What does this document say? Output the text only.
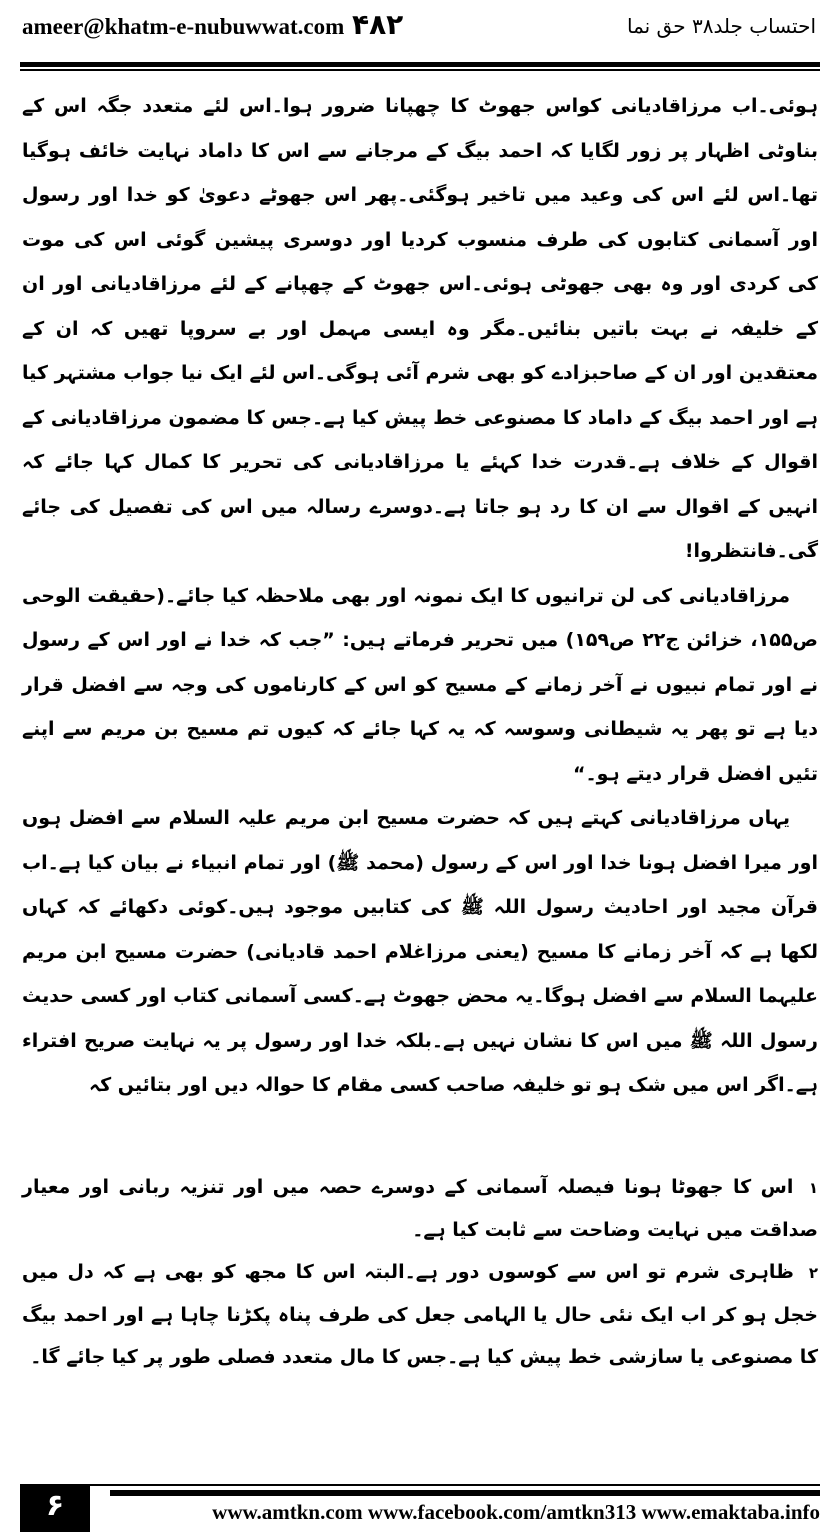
ameer@khatm-e-nubuwwat.com ۴۸۲	احتساب جلد۳۸ حق نما

ہوئی۔اب مرزاقادیانی کواس جھوٹ کا چھپانا ضرور ہوا۔اس لئے متعدد جگہ اس کے بناوٹی اظہار پر زور لگایا کہ احمد بیگ کے مرجانے سے اس کا داماد نہایت خائف ہوگیا تھا۔اس لئے اس کی وعید میں تاخیر ہوگئی۔پھر اس جھوٹے دعویٰ کو خدا اور رسول اور آسمانی کتابوں کی طرف منسوب کردیا اور دوسری پیشین گوئی اس کی موت کی کردی اور وہ بھی جھوٹی ہوئی۔اس جھوٹ کے چھپانے کے لئے مرزاقادیانی اور ان کے خلیفہ نے بہت باتیں بنائیں۔مگر وہ ایسی مہمل اور بے سروپا تھیں کہ ان کے معتقدین اور ان کے صاحبزادے کو بھی شرم آئی ہوگی۔اس لئے ایک نیا جواب مشتہر کیا ہے اور احمد بیگ کے داماد کا مصنوعی خط پیش کیا ہے۔جس کا مضمون مرزاقادیانی کے اقوال کے خلاف ہے۔قدرت خدا کہئے یا مرزاقادیانی کی تحریر کا کمال کہا جائے کہ انہیں کے اقوال سے ان کا رد ہو جاتا ہے۔دوسرے رسالہ میں اس کی تفصیل کی جائے گی۔فانتظروا!

مرزاقادیانی کی لن ترانیوں کا ایک نمونہ اور بھی ملاحظہ کیا جائے۔(حقیقت الوحی ص۱۵۵، خزائن ج۲۲ ص۱۵۹) میں تحریر فرماتے ہیں: ”جب کہ خدا نے اور اس کے رسول نے اور تمام نبیوں نے آخر زمانے کے مسیح کو اس کے کارناموں کی وجہ سے افضل قرار دیا ہے تو پھر یہ شیطانی وسوسہ کہ یہ کہا جائے کہ کیوں تم مسیح بن مریم سے اپنے تئیں افضل قرار دیتے ہو۔“

یہاں مرزاقادیانی کہتے ہیں کہ حضرت مسیح ابن مریم علیہ السلام سے افضل ہوں اور میرا افضل ہونا خدا اور اس کے رسول (محمد ﷺ) اور تمام انبیاء نے بیان کیا ہے۔اب قرآن مجید اور احادیث رسول اللہ ﷺ کی کتابیں موجود ہیں۔کوئی دکھائے کہ کہاں لکھا ہے کہ آخر زمانے کا مسیح (یعنی مرزاغلام احمد قادیانی) حضرت مسیح ابن مریم علیہما السلام سے افضل ہوگا۔یہ محض جھوٹ ہے۔کسی آسمانی کتاب اور کسی حدیث رسول اللہ ﷺ میں اس کا نشان نہیں ہے۔بلکہ خدا اور رسول پر یہ نہایت صریح افتراء ہے۔اگر اس میں شک ہو تو خلیفہ صاحب کسی مقام کا حوالہ دیں اور بتائیں کہ

۱ اس کا جھوٹا ہونا فیصلہ آسمانی کے دوسرے حصہ میں اور تنزیہ ربانی اور معیار صداقت میں نہایت وضاحت سے ثابت کیا ہے۔

۲ ظاہری شرم تو اس سے کوسوں دور ہے۔البتہ اس کا مجھ کو بھی ہے کہ دل میں خجل ہو کر اب ایک نئی حال یا الہامی جعل کی طرف پناہ پکڑنا چاہا ہے اور احمد بیگ کا مصنوعی یا سازشی خط پیش کیا ہے۔جس کا مال متعدد فصلی طور پر کیا جائے گا۔

۶	www.amtkn.com www.facebook.com/amtkn313 www.emaktaba.info
